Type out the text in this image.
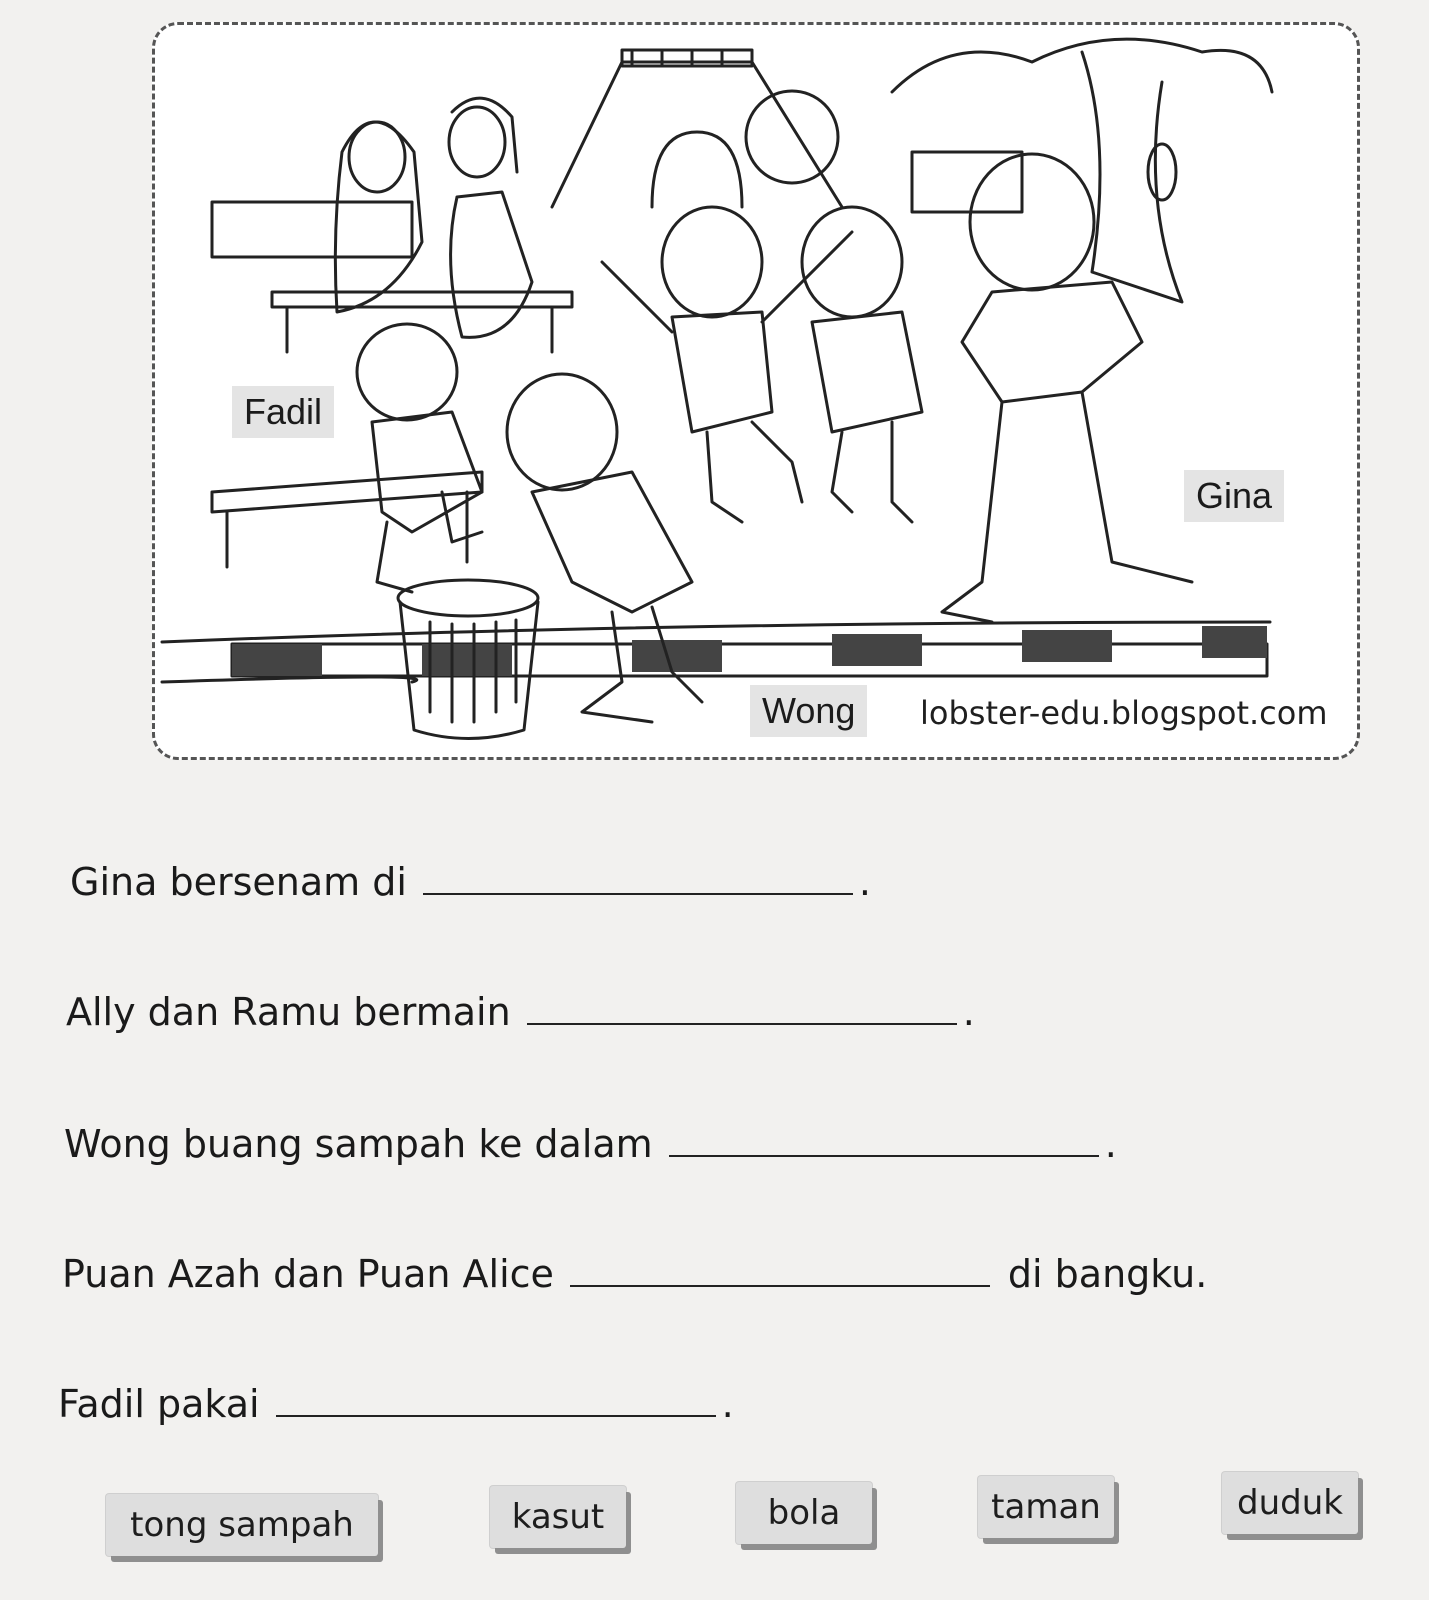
Fadil
Gina
Wong	lobster-edu.blogspot.com
Gina bersenam di	.
Ally dan Ramu bermain	.
Wong buang sampah ke dalam	.
Puan Azah dan Puan Alice	di bangku.
Fadil pakai	.
tong sampah	kasut	bola	taman	duduk
